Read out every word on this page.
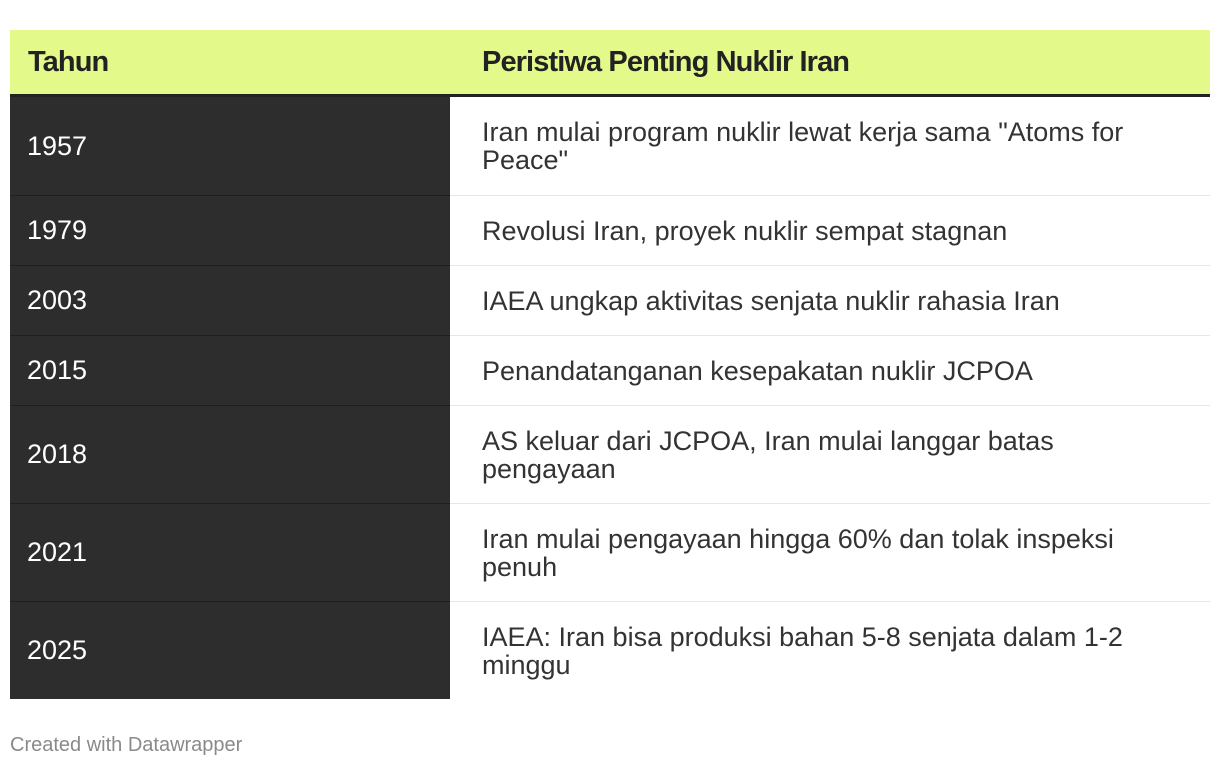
Tahun	Peristiwa Penting Nuklir Iran
1957	Iran mulai program nuklir lewat kerja sama "Atoms for Peace"
1979	Revolusi Iran, proyek nuklir sempat stagnan
2003	IAEA ungkap aktivitas senjata nuklir rahasia Iran
2015	Penandatanganan kesepakatan nuklir JCPOA
2018	AS keluar dari JCPOA, Iran mulai langgar batas pengayaan
2021	Iran mulai pengayaan hingga 60% dan tolak inspeksi penuh
2025	IAEA: Iran bisa produksi bahan 5-8 senjata dalam 1-2 minggu
Created with Datawrapper
